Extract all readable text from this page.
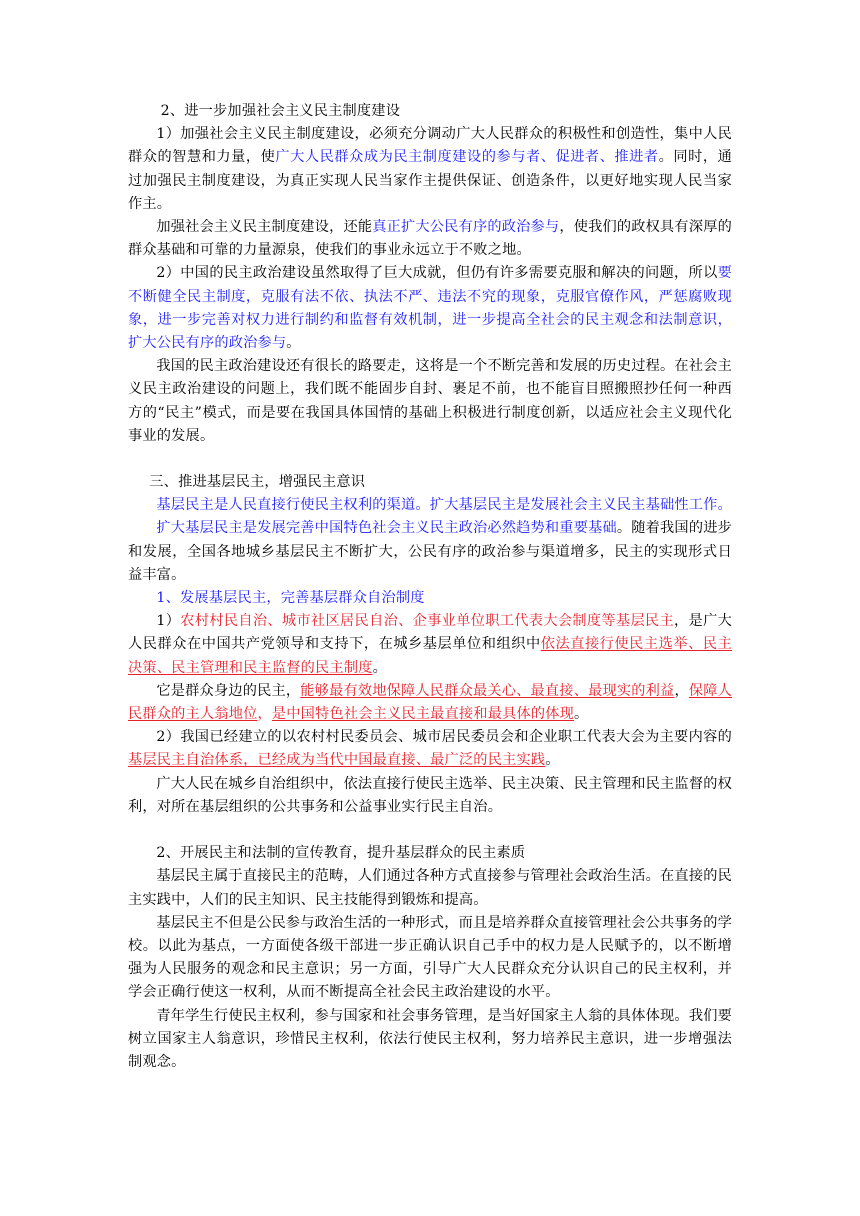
2、进一步加强社会主义民主制度建设

1）加强社会主义民主制度建设，必须充分调动广大人民群众的积极性和创造性，集中人民群众的智慧和力量，使广大人民群众成为民主制度建设的参与者、促进者、推进者。同时，通过加强民主制度建设，为真正实现人民当家作主提供保证、创造条件，以更好地实现人民当家作主。

加强社会主义民主制度建设，还能真正扩大公民有序的政治参与，使我们的政权具有深厚的群众基础和可靠的力量源泉，使我们的事业永远立于不败之地。

2）中国的民主政治建设虽然取得了巨大成就，但仍有许多需要克服和解决的问题，所以要不断健全民主制度，克服有法不依、执法不严、违法不究的现象，克服官僚作风，严惩腐败现象，进一步完善对权力进行制约和监督有效机制，进一步提高全社会的民主观念和法制意识，扩大公民有序的政治参与。

我国的民主政治建设还有很长的路要走，这将是一个不断完善和发展的历史过程。在社会主义民主政治建设的问题上，我们既不能固步自封、裹足不前，也不能盲目照搬照抄任何一种西方的“民主”模式，而是要在我国具体国情的基础上积极进行制度创新，以适应社会主义现代化事业的发展。

三、推进基层民主，增强民主意识

基层民主是人民直接行使民主权利的渠道。扩大基层民主是发展社会主义民主基础性工作。

扩大基层民主是发展完善中国特色社会主义民主政治必然趋势和重要基础。随着我国的进步和发展，全国各地城乡基层民主不断扩大，公民有序的政治参与渠道增多，民主的实现形式日益丰富。

1、发展基层民主，完善基层群众自治制度

1）农村村民自治、城市社区居民自治、企事业单位职工代表大会制度等基层民主，是广大人民群众在中国共产党领导和支持下，在城乡基层单位和组织中依法直接行使民主选举、民主决策、民主管理和民主监督的民主制度。

它是群众身边的民主，能够最有效地保障人民群众最关心、最直接、最现实的利益，保障人民群众的主人翁地位，是中国特色社会主义民主最直接和最具体的体现。

2）我国已经建立的以农村村民委员会、城市居民委员会和企业职工代表大会为主要内容的基层民主自治体系，已经成为当代中国最直接、最广泛的民主实践。

广大人民在城乡自治组织中，依法直接行使民主选举、民主决策、民主管理和民主监督的权利，对所在基层组织的公共事务和公益事业实行民主自治。

2、开展民主和法制的宣传教育，提升基层群众的民主素质

基层民主属于直接民主的范畴，人们通过各种方式直接参与管理社会政治生活。在直接的民主实践中，人们的民主知识、民主技能得到锻炼和提高。

基层民主不但是公民参与政治生活的一种形式，而且是培养群众直接管理社会公共事务的学校。以此为基点，一方面使各级干部进一步正确认识自己手中的权力是人民赋予的，以不断增强为人民服务的观念和民主意识；另一方面，引导广大人民群众充分认识自己的民主权利，并学会正确行使这一权利，从而不断提高全社会民主政治建设的水平。

青年学生行使民主权利，参与国家和社会事务管理，是当好国家主人翁的具体体现。我们要树立国家主人翁意识，珍惜民主权利，依法行使民主权利，努力培养民主意识，进一步增强法制观念。
